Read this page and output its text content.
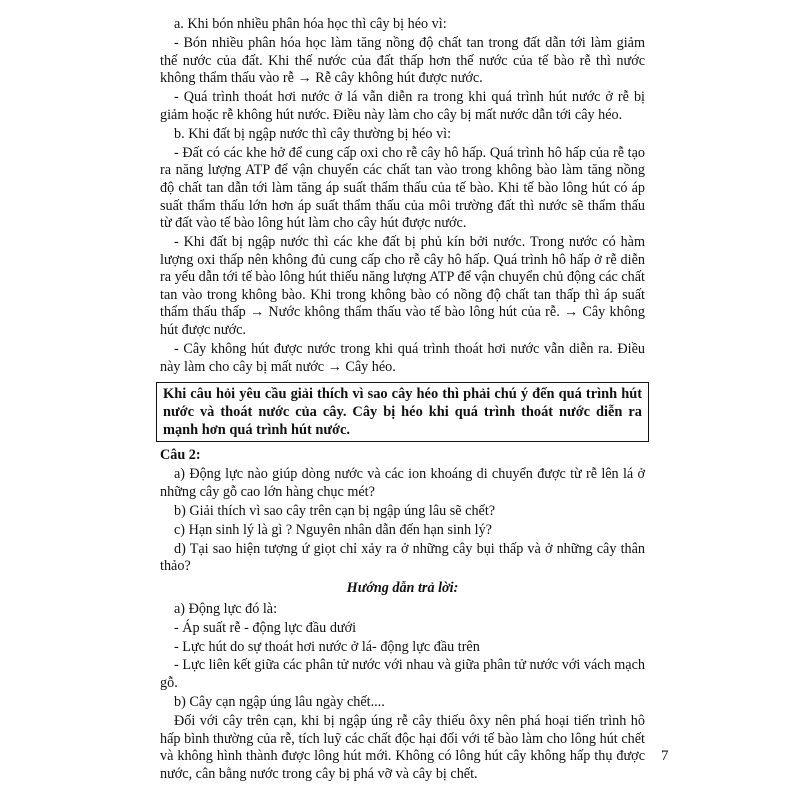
a. Khi bón nhiều phân hóa học thì cây bị héo vì:

- Bón nhiều phân hóa học làm tăng nồng độ chất tan trong đất dẫn tới làm giảm thế nước của đất. Khi thế nước của đất thấp hơn thế nước của tế bào rễ thì nước không thẩm thấu vào rễ → Rễ cây không hút được nước.

- Quá trình thoát hơi nước ở lá vẫn diễn ra trong khi quá trình hút nước ở rễ bị giảm hoặc rễ không hút nước. Điều này làm cho cây bị mất nước dẫn tới cây héo.

b. Khi đất bị ngập nước thì cây thường bị héo vì:

- Đất có các khe hở để cung cấp oxi cho rễ cây hô hấp. Quá trình hô hấp của rễ tạo ra năng lượng ATP để vận chuyển các chất tan vào trong không bào làm tăng nồng độ chất tan dẫn tới làm tăng áp suất thẩm thấu của tế bào. Khi tế bào lông hút có áp suất thẩm thấu lớn hơn áp suất thẩm thấu của môi trường đất thì nước sẽ thẩm thấu từ đất vào tế bào lông hút làm cho cây hút được nước.

- Khi đất bị ngập nước thì các khe đất bị phủ kín bởi nước. Trong nước có hàm lượng oxi thấp nên không đủ cung cấp cho rễ cây hô hấp. Quá trình hô hấp ở rễ diễn ra yếu dẫn tới tế bào lông hút thiếu năng lượng ATP để vận chuyển chủ động các chất tan vào trong không bào. Khi trong không bào có nồng độ chất tan thấp thì áp suất thẩm thấu thấp → Nước không thẩm thấu vào tế bào lông hút của rễ. → Cây không hút được nước.

- Cây không hút được nước trong khi quá trình thoát hơi nước vẫn diễn ra. Điều này làm cho cây bị mất nước → Cây héo.

Khi câu hỏi yêu cầu giải thích vì sao cây héo thì phải chú ý đến quá trình hút nước và thoát nước của cây. Cây bị héo khi quá trình thoát nước diễn ra mạnh hơn quá trình hút nước.

Câu 2:

a) Động lực nào giúp dòng nước và các ion khoáng di chuyển được từ rễ lên lá ở những cây gỗ cao lớn hàng chục mét?

b) Giải thích vì sao cây trên cạn bị ngập úng lâu sẽ chết?

c) Hạn sinh lý là gì ? Nguyên nhân dẫn đến hạn sinh lý?

d) Tại sao hiện tượng ứ giọt chỉ xảy ra ở những cây bụi thấp và ở những cây thân thảo?

Hướng dẫn trả lời:

a) Động lực đó là:

- Áp suất rễ - động lực đầu dưới

- Lực hút do sự thoát hơi nước ở lá- động lực đầu trên

- Lực liên kết giữa các phân tử nước với nhau và giữa phân tử nước với vách mạch gỗ.

b) Cây cạn ngập úng lâu ngày chết....

Đối với cây trên cạn, khi bị ngập úng rễ cây thiếu ôxy nên phá hoại tiến trình hô hấp bình thường của rễ, tích luỹ các chất độc hại đối với tế bào làm cho lông hút chết và không hình thành được lông hút mới. Không có lông hút cây không hấp thụ được nước, cân bằng nước trong cây bị phá vỡ và cây bị chết.

7
